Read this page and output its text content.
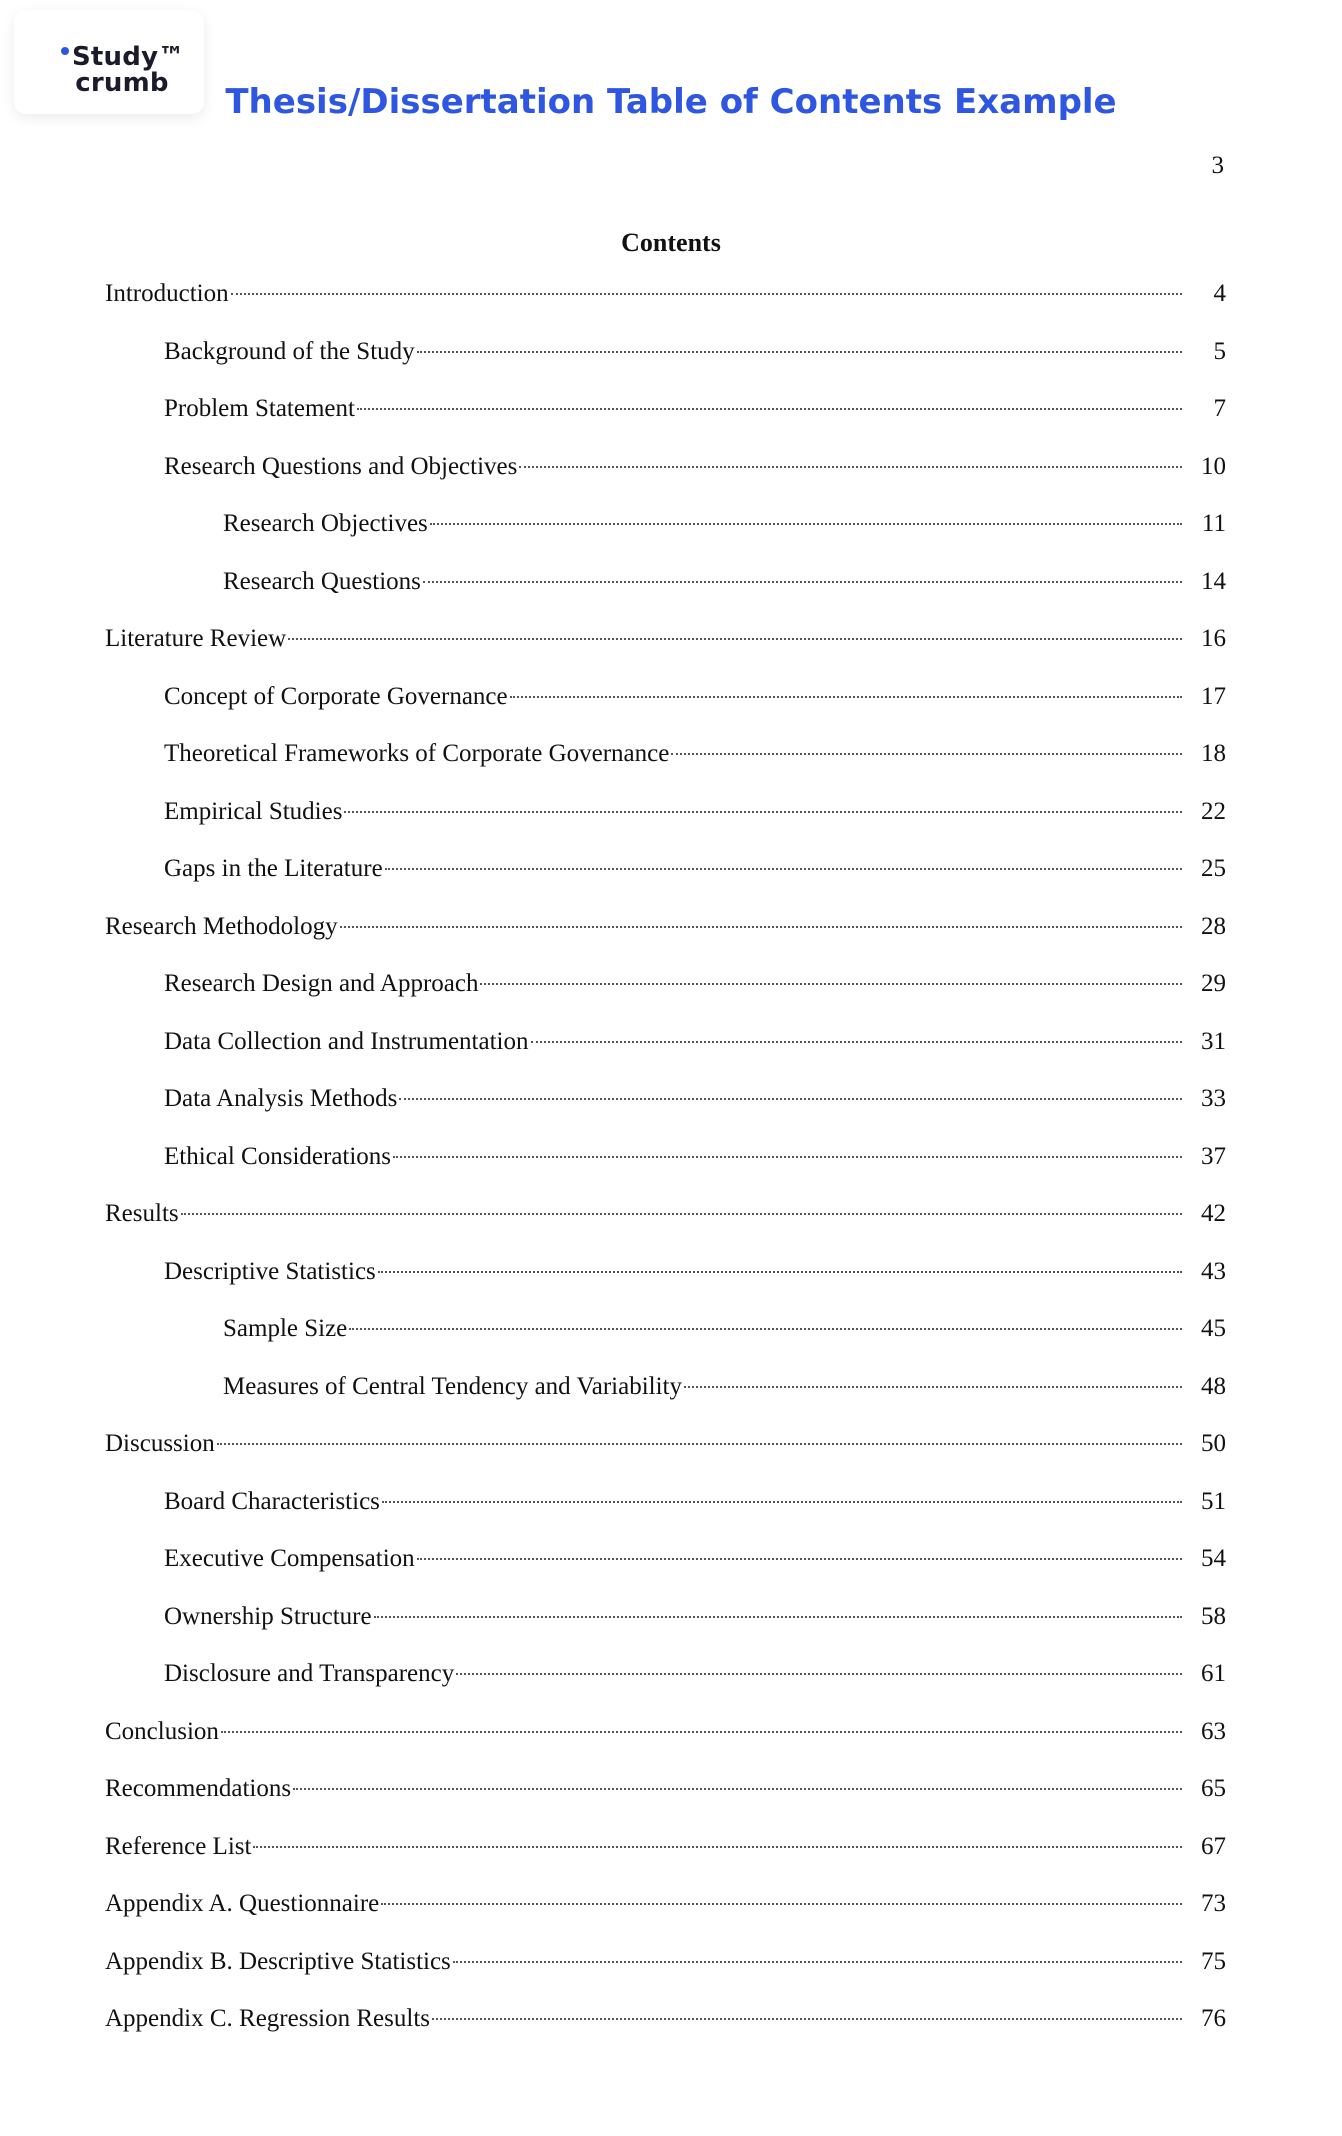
Study™
crumb	Thesis/Dissertation Table of Contents Example

3

Contents
Introduction	4
Background of the Study	5
Problem Statement	7
Research Questions and Objectives	10
Research Objectives	11
Research Questions	14
Literature Review	16
Concept of Corporate Governance	17
Theoretical Frameworks of Corporate Governance	18
Empirical Studies	22
Gaps in the Literature	25
Research Methodology	28
Research Design and Approach	29
Data Collection and Instrumentation	31
Data Analysis Methods	33
Ethical Considerations	37
Results	42
Descriptive Statistics	43
Sample Size	45
Measures of Central Tendency and Variability	48
Discussion	50
Board Characteristics	51
Executive Compensation	54
Ownership Structure	58
Disclosure and Transparency	61
Conclusion	63
Recommendations	65
Reference List	67
Appendix A. Questionnaire	73
Appendix B. Descriptive Statistics	75
Appendix C. Regression Results	76
